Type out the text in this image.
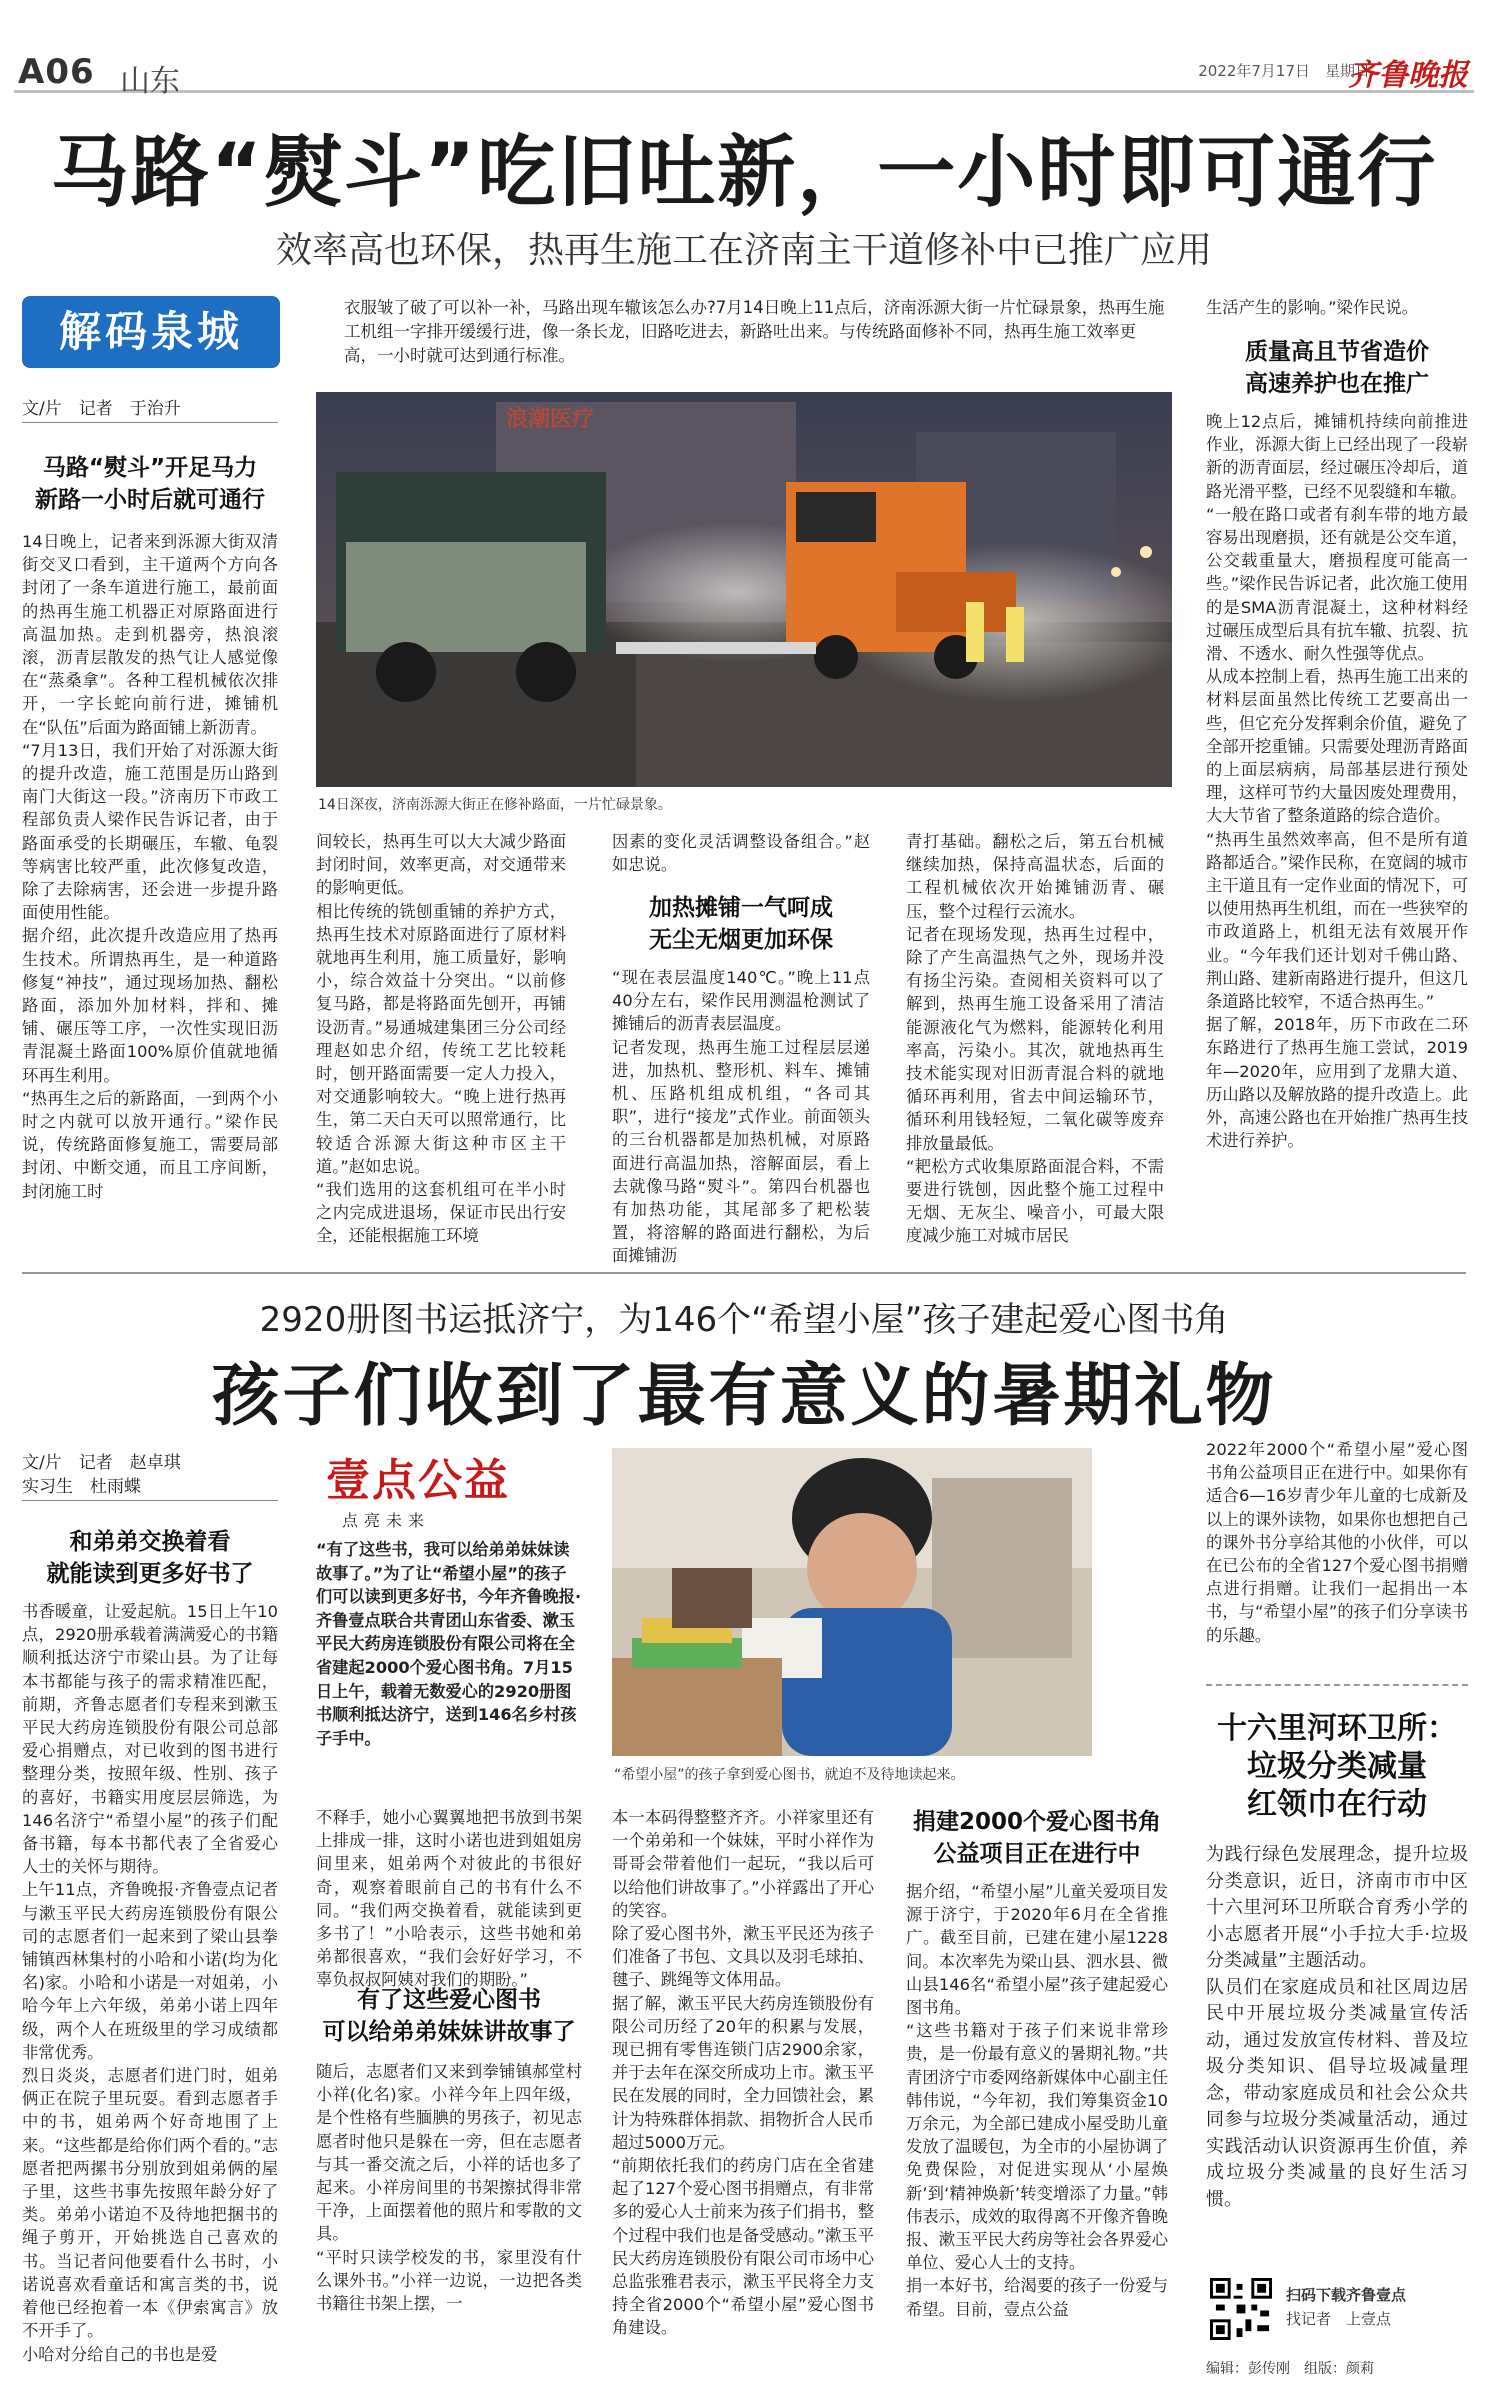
A06 山东	2022年7月17日　星期日
齐鲁晚报
马路“熨斗”吃旧吐新，一小时即可通行
效率高也环保，热再生施工在济南主干道修补中已推广应用
解码泉城
文/片　记者　于治升
衣服皱了破了可以补一补，马路出现车辙该怎么办?7月14日晚上11点后，济南泺源大街一片忙碌景象，热再生施工机组一字排开缓缓行进，像一条长龙，旧路吃进去，新路吐出来。与传统路面修补不同，热再生施工效率更高，一小时就可达到通行标准。
浪潮医疗
14日深夜，济南泺源大街正在修补路面，一片忙碌景象。
马路“熨斗”开足马力
新路一小时后就可通行
14日晚上，记者来到泺源大街双清街交叉口看到，主干道两个方向各封闭了一条车道进行施工，最前面的热再生施工机器正对原路面进行高温加热。走到机器旁，热浪滚滚，沥青层散发的热气让人感觉像在“蒸桑拿”。各种工程机械依次排开，一字长蛇向前行进，摊铺机在“队伍”后面为路面铺上新沥青。
“7月13日，我们开始了对泺源大街的提升改造，施工范围是历山路到南门大街这一段。”济南历下市政工程部负责人梁作民告诉记者，由于路面承受的长期碾压，车辙、龟裂等病害比较严重，此次修复改造，除了去除病害，还会进一步提升路面使用性能。
据介绍，此次提升改造应用了热再生技术。所谓热再生，是一种道路修复“神技”，通过现场加热、翻松路面，添加外加材料，拌和、摊铺、碾压等工序，一次性实现旧沥青混凝土路面100%原价值就地循环再生利用。
“热再生之后的新路面，一到两个小时之内就可以放开通行。”梁作民说，传统路面修复施工，需要局部封闭、中断交通，而且工序间断，封闭施工时
间较长，热再生可以大大减少路面封闭时间，效率更高，对交通带来的影响更低。
相比传统的铣刨重铺的养护方式，热再生技术对原路面进行了原材料就地再生利用，施工质量好，影响小，综合效益十分突出。“以前修复马路，都是将路面先刨开，再铺设沥青。”易通城建集团三分公司经理赵如忠介绍，传统工艺比较耗时，刨开路面需要一定人力投入，对交通影响较大。“晚上进行热再生，第二天白天可以照常通行，比较适合泺源大街这种市区主干道。”赵如忠说。
“我们选用的这套机组可在半小时之内完成进退场，保证市民出行安全，还能根据施工环境
因素的变化灵活调整设备组合。”赵如忠说。
加热摊铺一气呵成
无尘无烟更加环保
“现在表层温度140℃。”晚上11点40分左右，梁作民用测温枪测试了摊铺后的沥青表层温度。
记者发现，热再生施工过程层层递进，加热机、整形机、料车、摊铺机、压路机组成机组，“各司其职”，进行“接龙”式作业。前面领头的三台机器都是加热机械，对原路面进行高温加热，溶解面层，看上去就像马路“熨斗”。第四台机器也有加热功能，其尾部多了耙松装置，将溶解的路面进行翻松，为后面摊铺沥
青打基础。翻松之后，第五台机械继续加热，保持高温状态，后面的工程机械依次开始摊铺沥青、碾压，整个过程行云流水。
记者在现场发现，热再生过程中，除了产生高温热气之外，现场并没有扬尘污染。查阅相关资料可以了解到，热再生施工设备采用了清洁能源液化气为燃料，能源转化利用率高，污染小。其次，就地热再生技术能实现对旧沥青混合料的就地循环再利用，省去中间运输环节，循环利用钱轻短，二氧化碳等废弃排放量最低。
“耙松方式收集原路面混合料，不需要进行铣刨，因此整个施工过程中无烟、无灰尘、噪音小，可最大限度减少施工对城市居民
生活产生的影响。”梁作民说。
质量高且节省造价
高速养护也在推广
晚上12点后，摊铺机持续向前推进作业，泺源大街上已经出现了一段崭新的沥青面层，经过碾压冷却后，道路光滑平整，已经不见裂缝和车辙。
“一般在路口或者有刹车带的地方最容易出现磨损，还有就是公交车道，公交载重量大，磨损程度可能高一些。”梁作民告诉记者，此次施工使用的是SMA沥青混凝土，这种材料经过碾压成型后具有抗车辙、抗裂、抗滑、不透水、耐久性强等优点。
从成本控制上看，热再生施工出来的材料层面虽然比传统工艺要高出一些，但它充分发挥剩余价值，避免了全部开挖重铺。只需要处理沥青路面的上面层病病，局部基层进行预处理，这样可节约大量因废处理费用，大大节省了整条道路的综合造价。
“热再生虽然效率高，但不是所有道路都适合。”梁作民称，在宽阔的城市主干道且有一定作业面的情况下，可以使用热再生机组，而在一些狭窄的市政道路上，机组无法有效展开作业。“今年我们还计划对千佛山路、荆山路、建新南路进行提升，但这几条道路比较窄，不适合热再生。”
据了解，2018年，历下市政在二环东路进行了热再生施工尝试，2019年—2020年，应用到了龙鼎大道、历山路以及解放路的提升改造上。此外，高速公路也在开始推广热再生技术进行养护。
2920册图书运抵济宁，为146个“希望小屋”孩子建起爱心图书角
孩子们收到了最有意义的暑期礼物
文/片　记者　赵卓琪
实习生　杜雨蝶
和弟弟交换着看
就能读到更多好书了
书香暖童，让爱起航。15日上午10点，2920册承载着满满爱心的书籍顺利抵达济宁市梁山县。为了让每本书都能与孩子的需求精准匹配，前期，齐鲁志愿者们专程来到漱玉平民大药房连锁股份有限公司总部爱心捐赠点，对已收到的图书进行整理分类，按照年级、性别、孩子的喜好，书籍实用度层层筛选，为146名济宁“希望小屋”的孩子们配备书籍，每本书都代表了全省爱心人士的关怀与期待。
上午11点，齐鲁晚报·齐鲁壹点记者与漱玉平民大药房连锁股份有限公司的志愿者们一起来到了梁山县拳铺镇西林集村的小哈和小诺(均为化名)家。小哈和小诺是一对姐弟，小哈今年上六年级，弟弟小诺上四年级，两个人在班级里的学习成绩都非常优秀。
烈日炎炎，志愿者们进门时，姐弟俩正在院子里玩耍。看到志愿者手中的书，姐弟两个好奇地围了上来。“这些都是给你们两个看的。”志愿者把两摞书分别放到姐弟俩的屋子里，这些书事先按照年龄分好了类。弟弟小诺迫不及待地把捆书的绳子剪开，开始挑选自己喜欢的书。当记者问他要看什么书时，小诺说喜欢看童话和寓言类的书，说着他已经抱着一本《伊索寓言》放不开手了。
小哈对分给自己的书也是爱
壹点公益
点亮未来
“有了这些书，我可以给弟弟妹妹读故事了。”为了让“希望小屋”的孩子们可以读到更多好书，今年齐鲁晚报·齐鲁壹点联合共青团山东省委、漱玉平民大药房连锁股份有限公司将在全省建起2000个爱心图书角。7月15日上午，载着无数爱心的2920册图书顺利抵达济宁，送到146名乡村孩子手中。
“希望小屋”的孩子拿到爱心图书，就迫不及待地读起来。
不释手，她小心翼翼地把书放到书架上排成一排，这时小诺也进到姐姐房间里来，姐弟两个对彼此的书很好奇，观察着眼前自己的书有什么不同。“我们两交换着看，就能读到更多书了！”小哈表示，这些书她和弟弟都很喜欢，“我们会好好学习，不辜负叔叔阿姨对我们的期盼。”
有了这些爱心图书
可以给弟弟妹妹讲故事了
随后，志愿者们又来到拳铺镇郝堂村小祥(化名)家。小祥今年上四年级，是个性格有些腼腆的男孩子，初见志愿者时他只是躲在一旁，但在志愿者与其一番交流之后，小祥的话也多了起来。小祥房间里的书架擦拭得非常干净，上面摆着他的照片和零散的文具。
“平时只读学校发的书，家里没有什么课外书。”小祥一边说，一边把各类书籍往书架上摆，一
本一本码得整整齐齐。小祥家里还有一个弟弟和一个妹妹，平时小祥作为哥哥会带着他们一起玩，“我以后可以给他们讲故事了。”小祥露出了开心的笑容。
除了爱心图书外，漱玉平民还为孩子们准备了书包、文具以及羽毛球拍、毽子、跳绳等文体用品。
据了解，漱玉平民大药房连锁股份有限公司历经了20年的积累与发展，现已拥有零售连锁门店2900余家，并于去年在深交所成功上市。漱玉平民在发展的同时，全力回馈社会，累计为特殊群体捐款、捐物折合人民币超过5000万元。
“前期依托我们的药房门店在全省建起了127个爱心图书捐赠点，有非常多的爱心人士前来为孩子们捐书，整个过程中我们也是备受感动。”漱玉平民大药房连锁股份有限公司市场中心总监张雅君表示，漱玉平民将全力支持全省2000个“希望小屋”爱心图书角建设。
捐建2000个爱心图书角
公益项目正在进行中
据介绍，“希望小屋”儿童关爱项目发源于济宁，于2020年6月在全省推广。截至目前，已建在建小屋1228间。本次率先为梁山县、泗水县、微山县146名“希望小屋”孩子建起爱心图书角。
“这些书籍对于孩子们来说非常珍贵，是一份最有意义的暑期礼物。”共青团济宁市委网络新媒体中心副主任韩伟说，“今年初，我们筹集资金10万余元，为全部已建成小屋受助儿童发放了温暖包，为全市的小屋协调了免费保险，对促进实现从‘小屋焕新’到‘精神焕新’转变增添了力量。”韩伟表示，成效的取得离不开像齐鲁晚报、漱玉平民大药房等社会各界爱心单位、爱心人士的支持。
捐一本好书，给渴要的孩子一份爱与希望。目前，壹点公益
2022年2000个“希望小屋”爱心图书角公益项目正在进行中。如果你有适合6—16岁青少年儿童的七成新及以上的课外读物，如果你也想把自己的课外书分享给其他的小伙伴，可以在已公布的全省127个爱心图书捐赠点进行捐赠。让我们一起捐出一本书，与“希望小屋”的孩子们分享读书的乐趣。
十六里河环卫所：
垃圾分类减量
红领巾在行动
为践行绿色发展理念，提升垃圾分类意识，近日，济南市市中区十六里河环卫所联合育秀小学的小志愿者开展“小手拉大手·垃圾分类减量”主题活动。
队员们在家庭成员和社区周边居民中开展垃圾分类减量宣传活动，通过发放宣传材料、普及垃圾分类知识、倡导垃圾减量理念，带动家庭成员和社会公众共同参与垃圾分类减量活动，通过实践活动认识资源再生价值，养成垃圾分类减量的良好生活习惯。
扫码下载齐鲁壹点
找记者　上壹点
编辑：彭传刚　组版：颜莉
